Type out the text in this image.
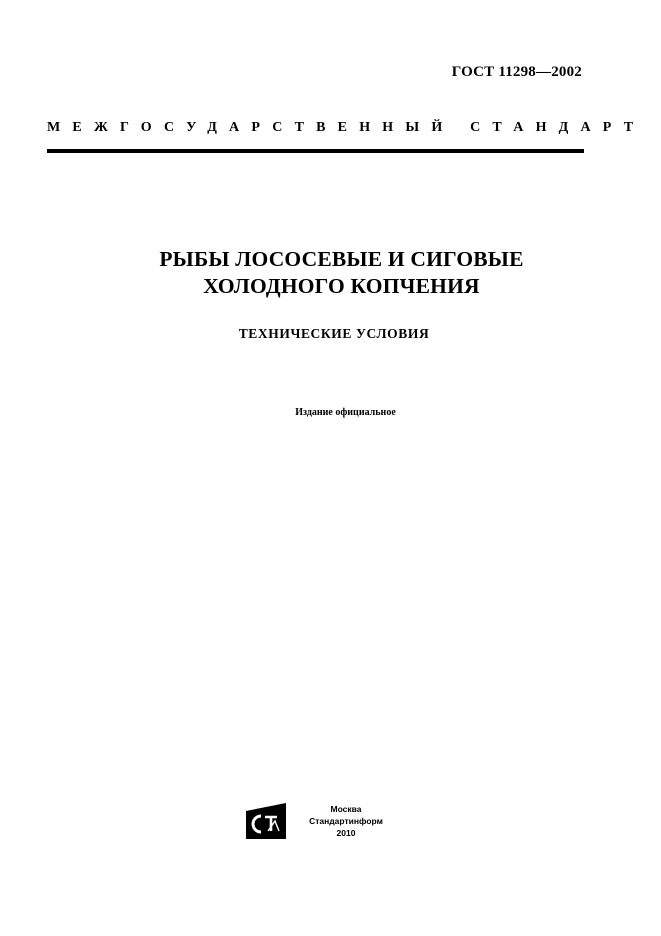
ГОСТ 11298—2002
МЕЖГОСУДАРСТВЕННЫЙ СТАНДАРТ
РЫБЫ ЛОСОСЕВЫЕ И СИГОВЫЕ
ХОЛОДНОГО КОПЧЕНИЯ
ТЕХНИЧЕСКИЕ УСЛОВИЯ
Издание официальное
Москва
Стандартинформ
2010
